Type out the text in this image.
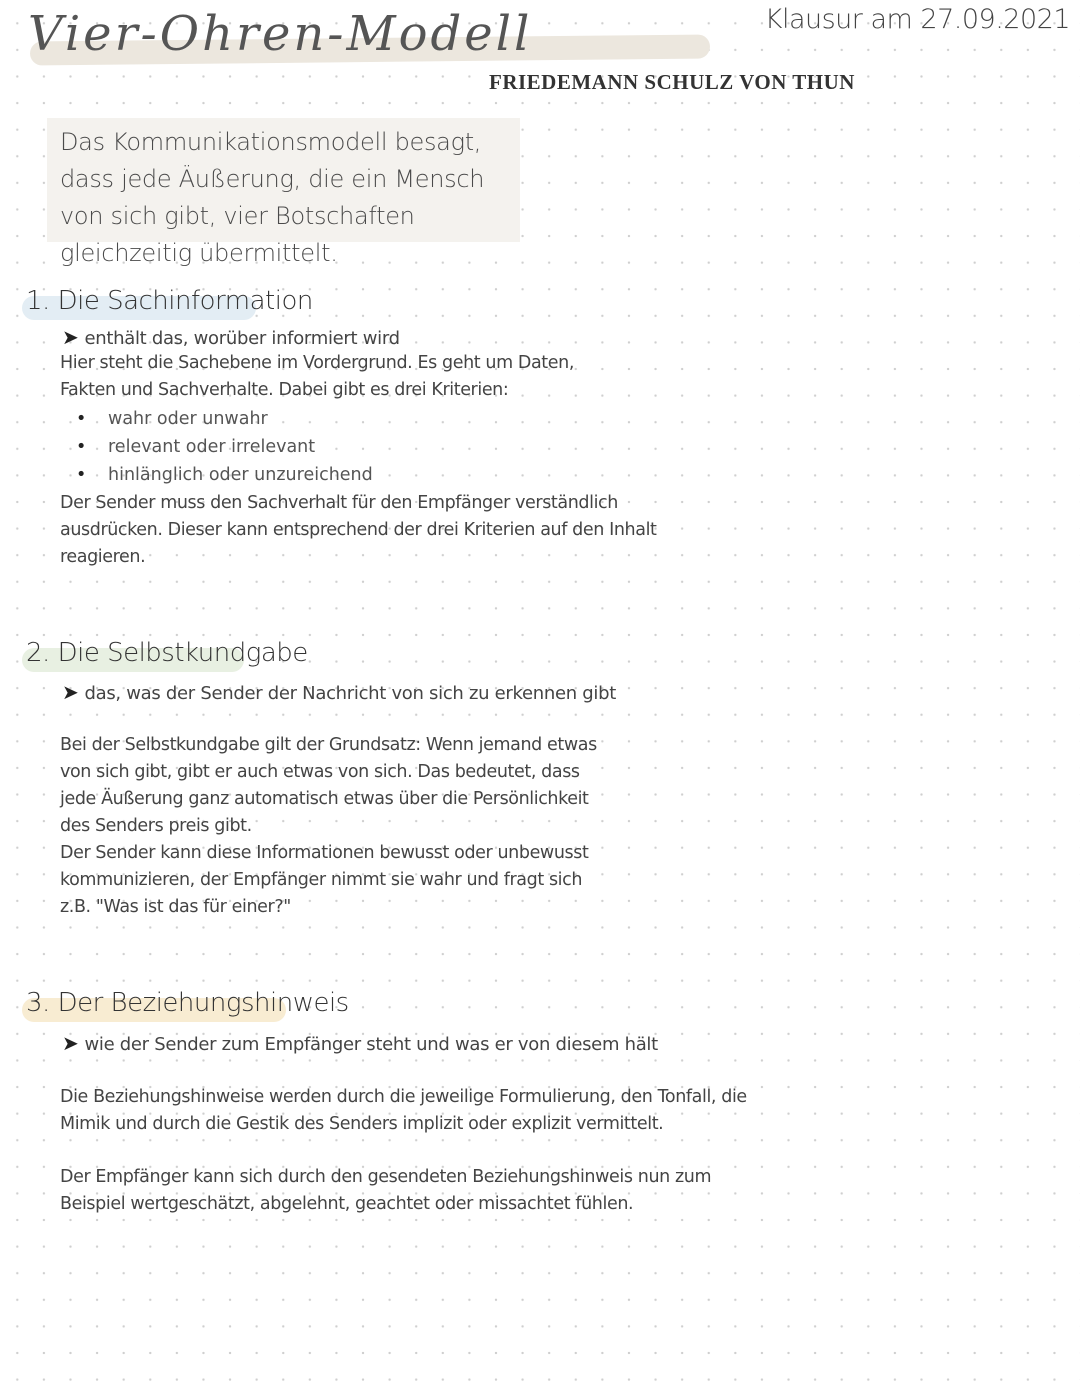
Klausur am 27.09.2021
Vier-Ohren-Modell
FRIEDEMANN SCHULZ VON THUN
Das Kommunikationsmodell besagt, dass jede Äußerung, die ein Mensch von sich gibt, vier Botschaften gleichzeitig übermittelt.
1. Die Sachinformation
➤ enthält das, worüber informiert wird
Hier steht die Sachebene im Vordergrund. Es geht um Daten, Fakten und Sachverhalte. Dabei gibt es drei Kriterien:
• wahr oder unwahr
• relevant oder irrelevant
• hinlänglich oder unzureichend
Der Sender muss den Sachverhalt für den Empfänger verständlich ausdrücken. Dieser kann entsprechend der drei Kriterien auf den Inhalt reagieren.
2. Die Selbstkundgabe
➤ das, was der Sender der Nachricht von sich zu erkennen gibt
Bei der Selbstkundgabe gilt der Grundsatz: Wenn jemand etwas von sich gibt, gibt er auch etwas von sich. Das bedeutet, dass jede Äußerung ganz automatisch etwas über die Persönlichkeit des Senders preis gibt.
Der Sender kann diese Informationen bewusst oder unbewusst kommunizieren, der Empfänger nimmt sie wahr und fragt sich z.B. "Was ist das für einer?"
3. Der Beziehungshinweis
➤ wie der Sender zum Empfänger steht und was er von diesem hält
Die Beziehungshinweise werden durch die jeweilige Formulierung, den Tonfall, die Mimik und durch die Gestik des Senders implizit oder explizit vermittelt.
Der Empfänger kann sich durch den gesendeten Beziehungshinweis nun zum Beispiel wertgeschätzt, abgelehnt, geachtet oder missachtet fühlen.
